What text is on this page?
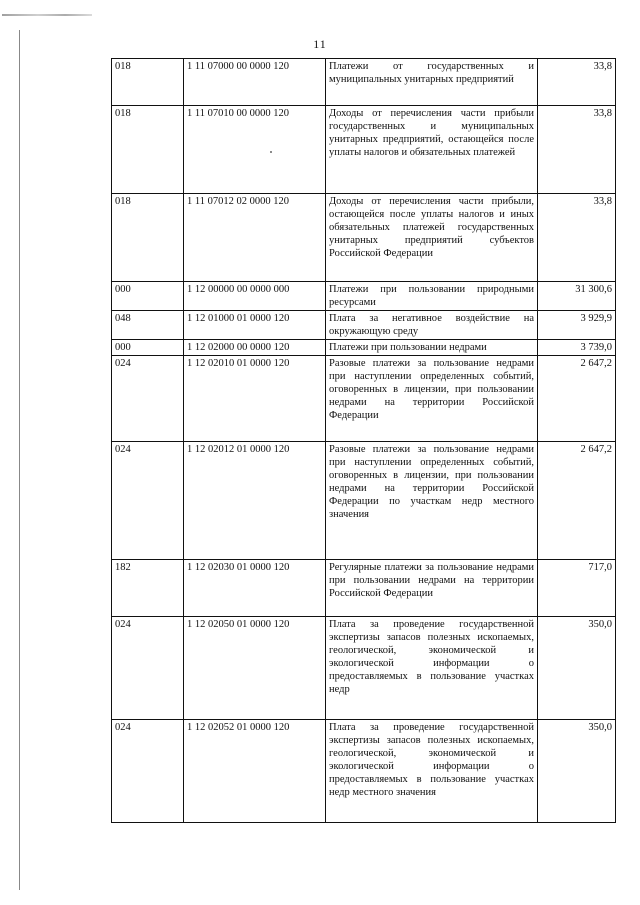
11
018	1 11 07000 00 0000 120	Платежи от государственных и муниципальных унитарных предприятий	33,8
018	1 11 07010 00 0000 120	Доходы от перечисления части прибыли государственных и муниципальных унитарных предприятий, остающейся после уплаты налогов и обязательных платежей	33,8
018	1 11 07012 02 0000 120	Доходы от перечисления части прибыли, остающейся после уплаты налогов и иных обязательных платежей государственных унитарных предприятий субъектов Российской Федерации	33,8
000	1 12 00000 00 0000 000	Платежи при пользовании природными ресурсами	31 300,6
048	1 12 01000 01 0000 120	Плата за негативное воздействие на окружающую среду	3 929,9
000	1 12 02000 00 0000 120	Платежи при пользовании недрами	3 739,0
024	1 12 02010 01 0000 120	Разовые платежи за пользование недрами при наступлении определенных событий, оговоренных в лицензии, при пользовании недрами на территории Российской Федерации	2 647,2
024	1 12 02012 01 0000 120	Разовые платежи за пользование недрами при наступлении определенных событий, оговоренных в лицензии, при пользовании недрами на территории Российской Федерации по участкам недр местного значения	2 647,2
182	1 12 02030 01 0000 120	Регулярные платежи за пользование недрами при пользовании недрами на территории Российской Федерации	717,0
024	1 12 02050 01 0000 120	Плата за проведение государственной экспертизы запасов полезных ископаемых, геологической, экономической и экологической информации о предоставляемых в пользование участках недр	350,0
024	1 12 02052 01 0000 120	Плата за проведение государственной экспертизы запасов полезных ископаемых, геологической, экономической и экологической информации о предоставляемых в пользование участках недр местного значения	350,0
